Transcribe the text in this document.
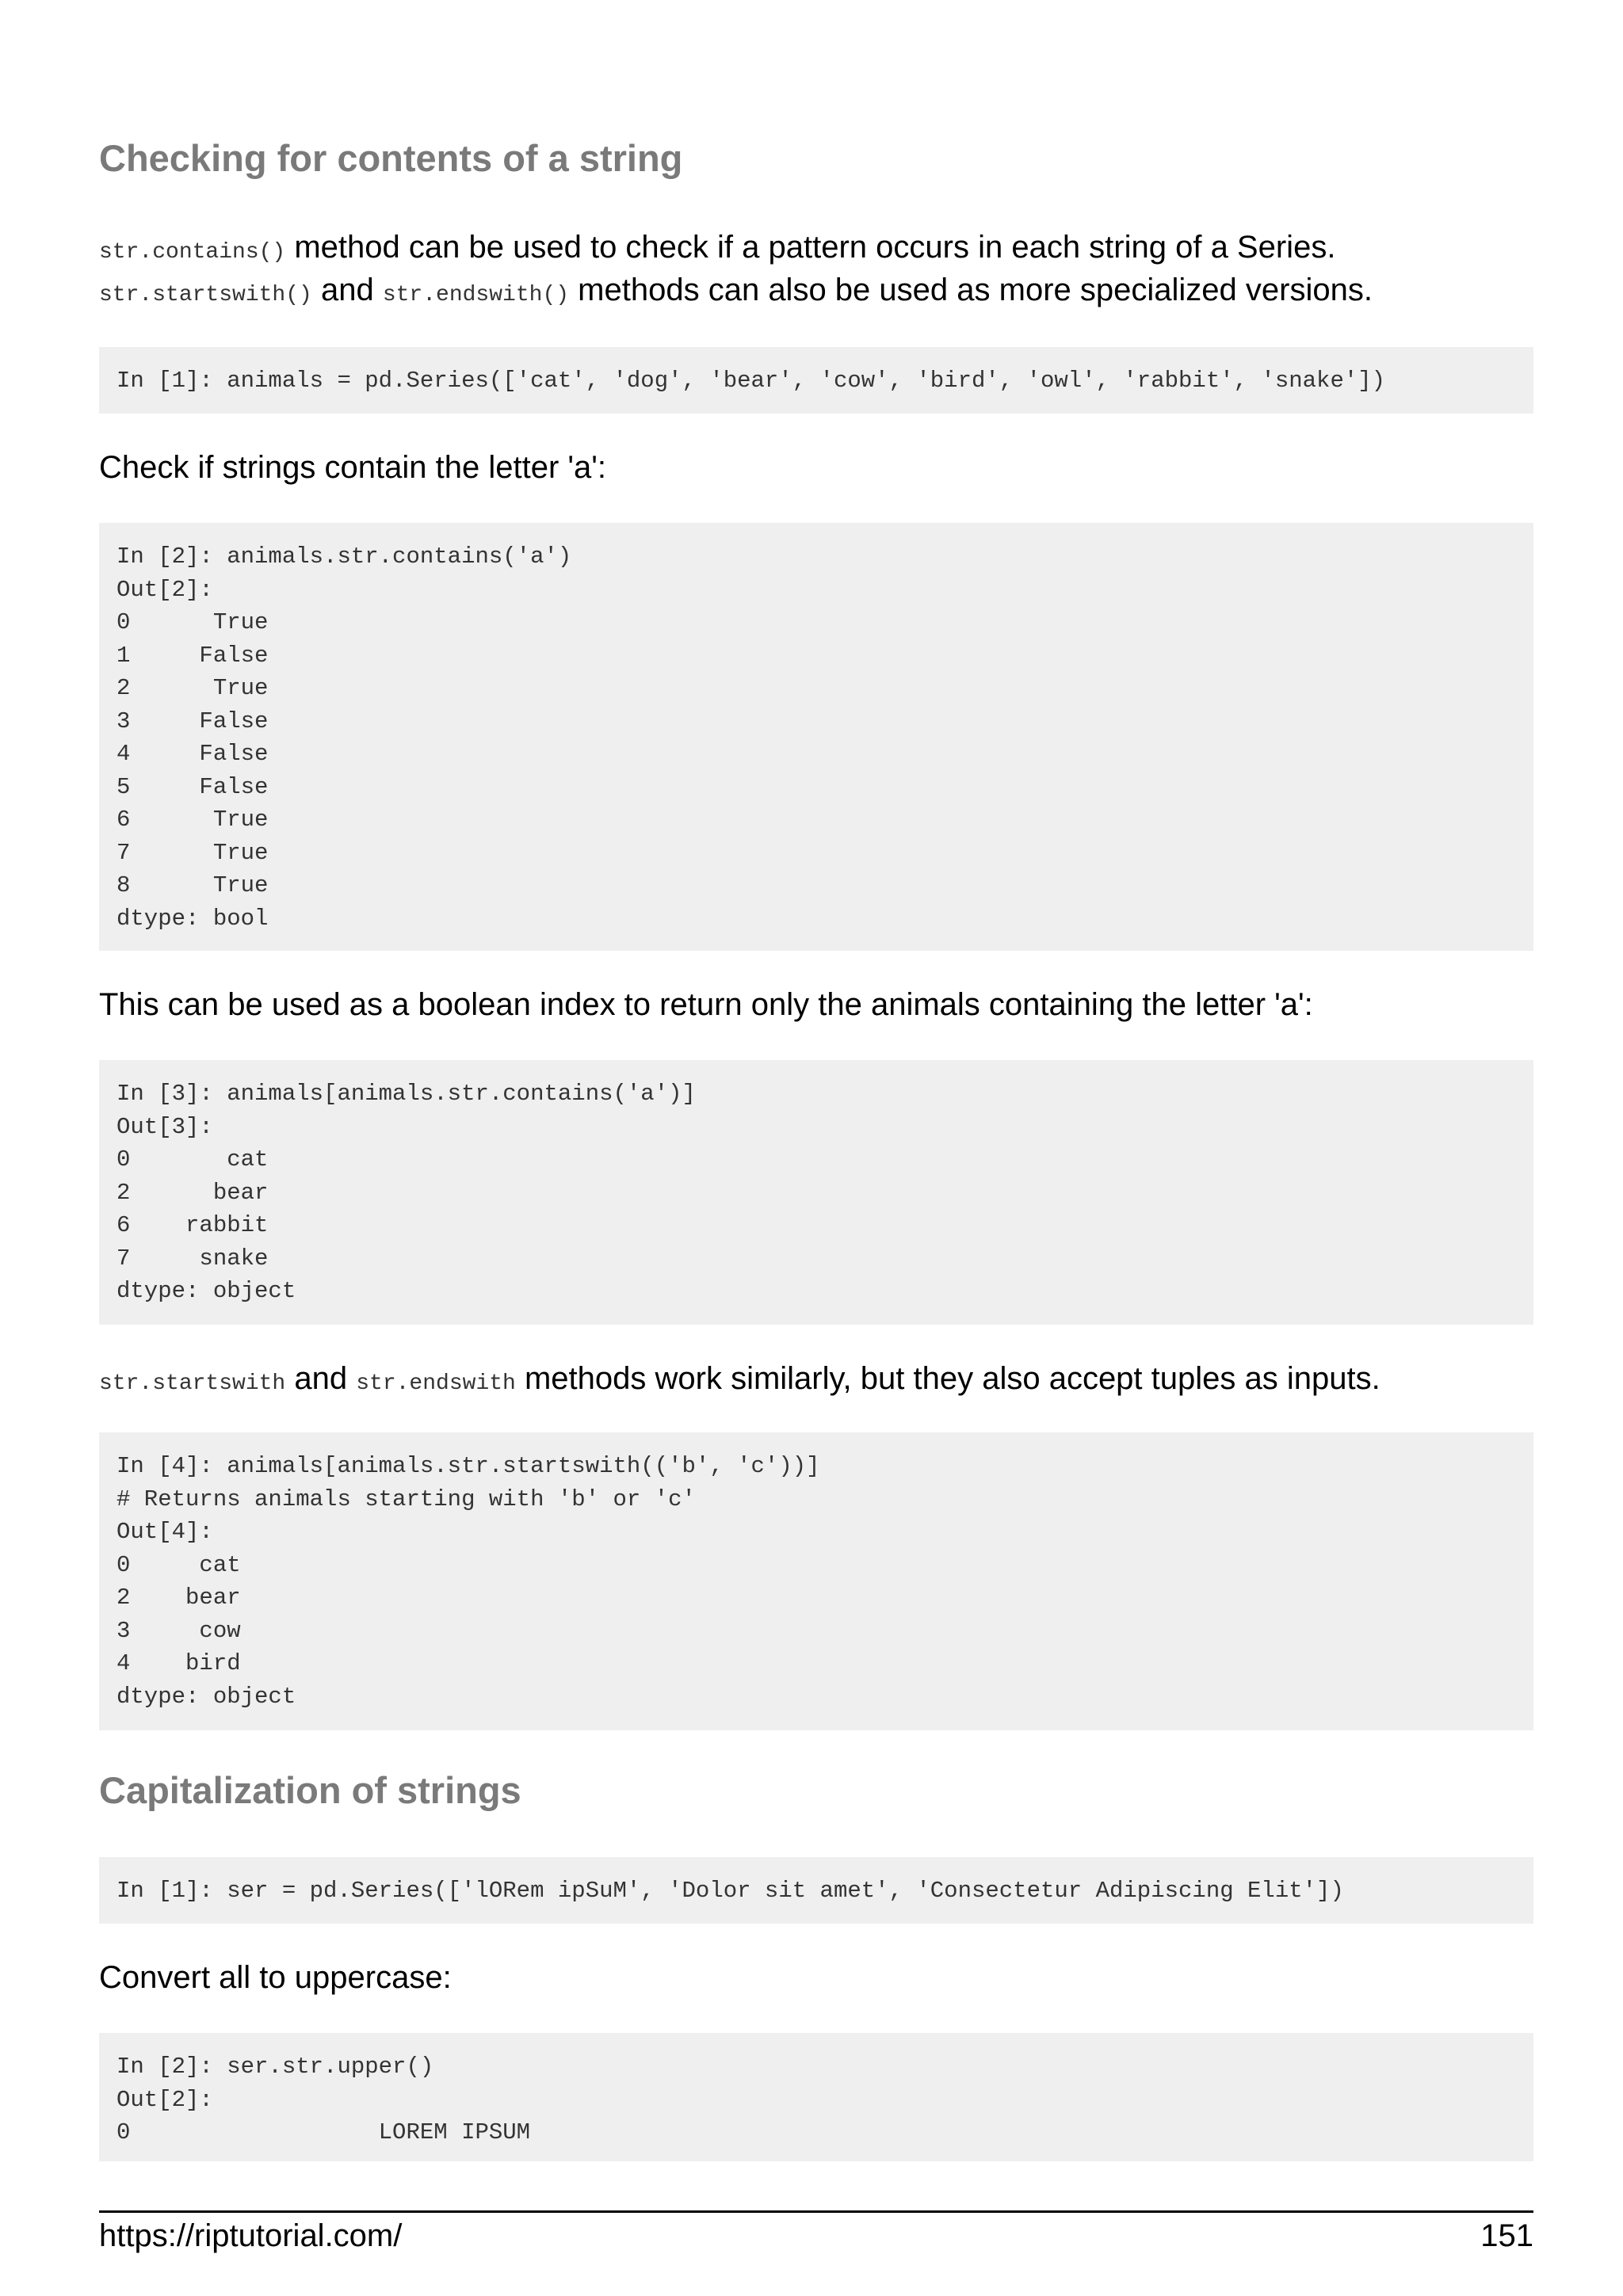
Checking for contents of a string

str.contains() method can be used to check if a pattern occurs in each string of a Series.

str.startswith() and str.endswith() methods can also be used as more specialized versions.

In [1]: animals = pd.Series(['cat', 'dog', 'bear', 'cow', 'bird', 'owl', 'rabbit', 'snake'])

Check if strings contain the letter 'a':

In [2]: animals.str.contains('a')
Out[2]:
0      True
1     False
2      True
3     False
4     False
5     False
6      True
7      True
8      True
dtype: bool

This can be used as a boolean index to return only the animals containing the letter 'a':

In [3]: animals[animals.str.contains('a')]
Out[3]:
0       cat
2      bear
6    rabbit
7     snake
dtype: object

str.startswith and str.endswith methods work similarly, but they also accept tuples as inputs.

In [4]: animals[animals.str.startswith(('b', 'c'))]
# Returns animals starting with 'b' or 'c'
Out[4]:
0     cat
2    bear
3     cow
4    bird
dtype: object
Capitalization of strings
In [1]: ser = pd.Series(['lORem ipSuM', 'Dolor sit amet', 'Consectetur Adipiscing Elit'])

Convert all to uppercase:

In [2]: ser.str.upper()
Out[2]:
0                  LOREM IPSUM

https://riptutorial.com/	151
